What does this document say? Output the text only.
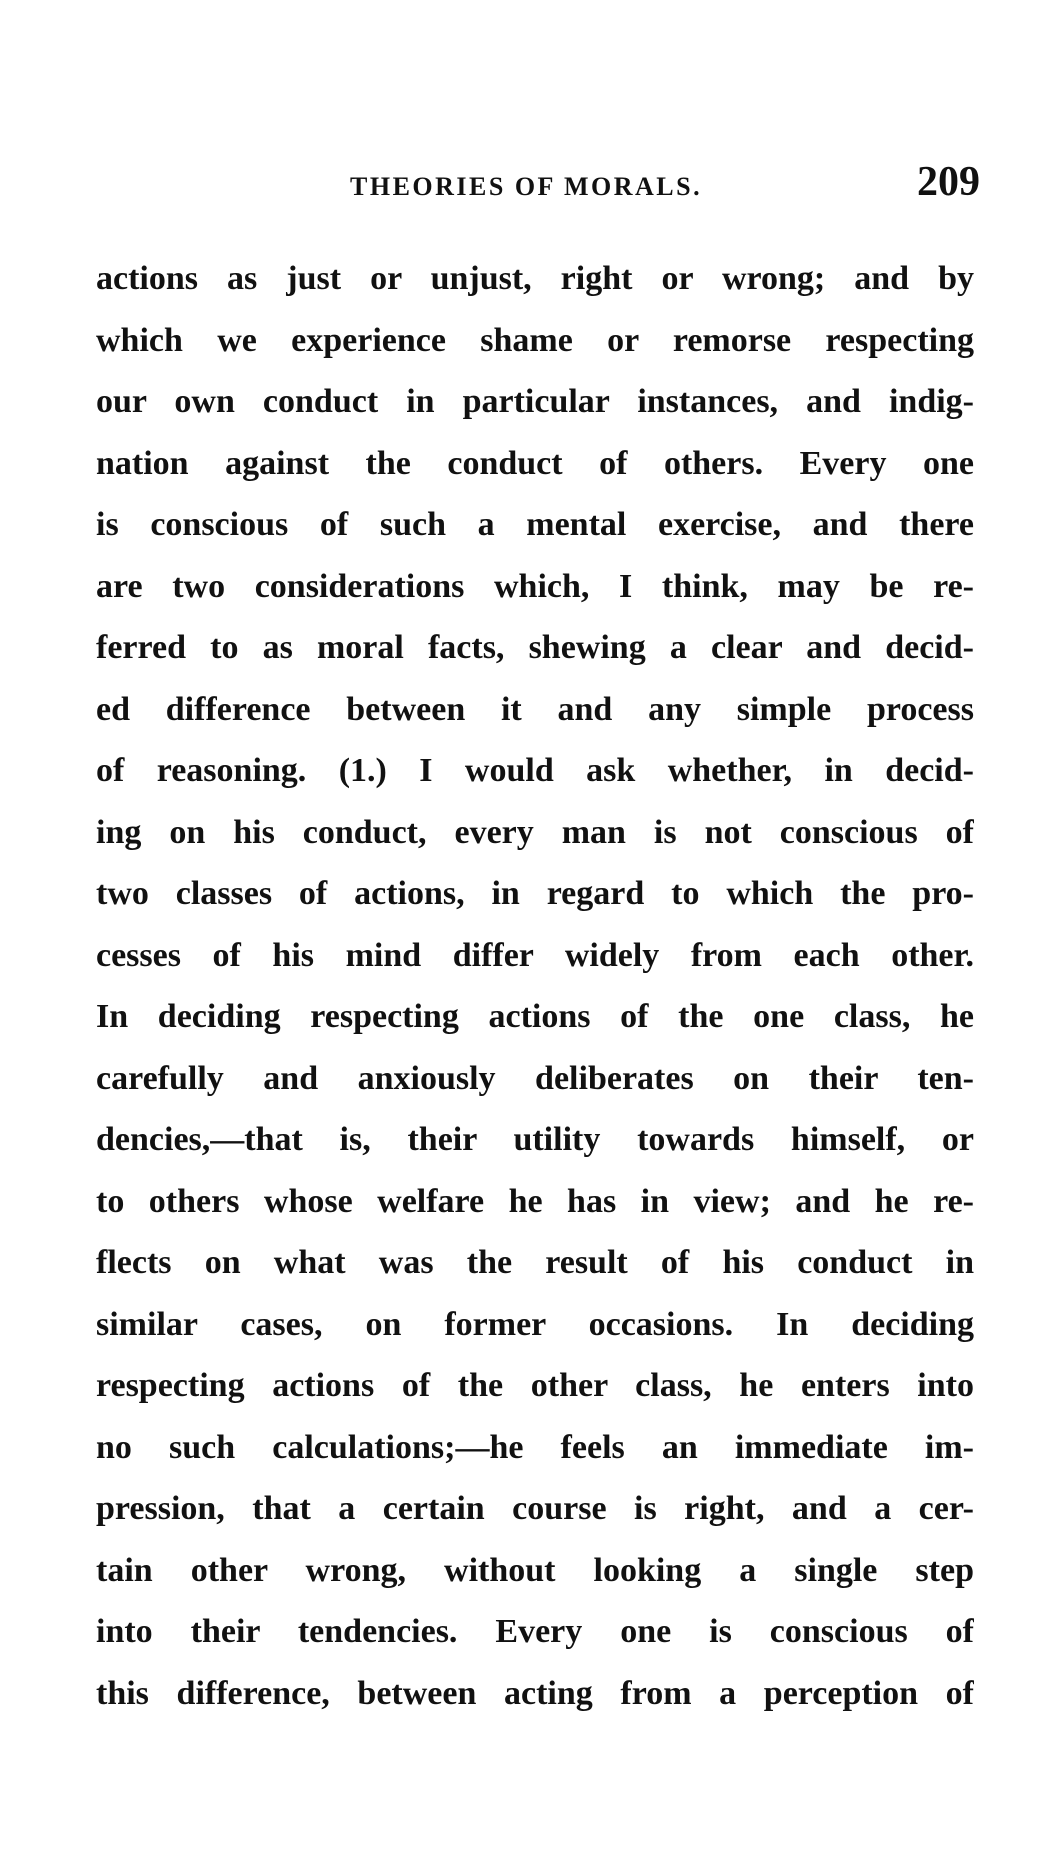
THEORIES OF MORALS.	209
actions as just or unjust, right or wrong; and by
which we experience shame or remorse respecting
our own conduct in particular instances, and indig-
nation against the conduct of others. Every one
is conscious of such a mental exercise, and there
are two considerations which, I think, may be re-
ferred to as moral facts, shewing a clear and decid-
ed difference between it and any simple process
of reasoning. (1.) I would ask whether, in decid-
ing on his conduct, every man is not conscious of
two classes of actions, in regard to which the pro-
cesses of his mind differ widely from each other.
In deciding respecting actions of the one class, he
carefully and anxiously deliberates on their ten-
dencies,—that is, their utility towards himself, or
to others whose welfare he has in view; and he re-
flects on what was the result of his conduct in
similar cases, on former occasions. In deciding
respecting actions of the other class, he enters into
no such calculations;—he feels an immediate im-
pression, that a certain course is right, and a cer-
tain other wrong, without looking a single step
into their tendencies. Every one is conscious of
this difference, between acting from a perception of
